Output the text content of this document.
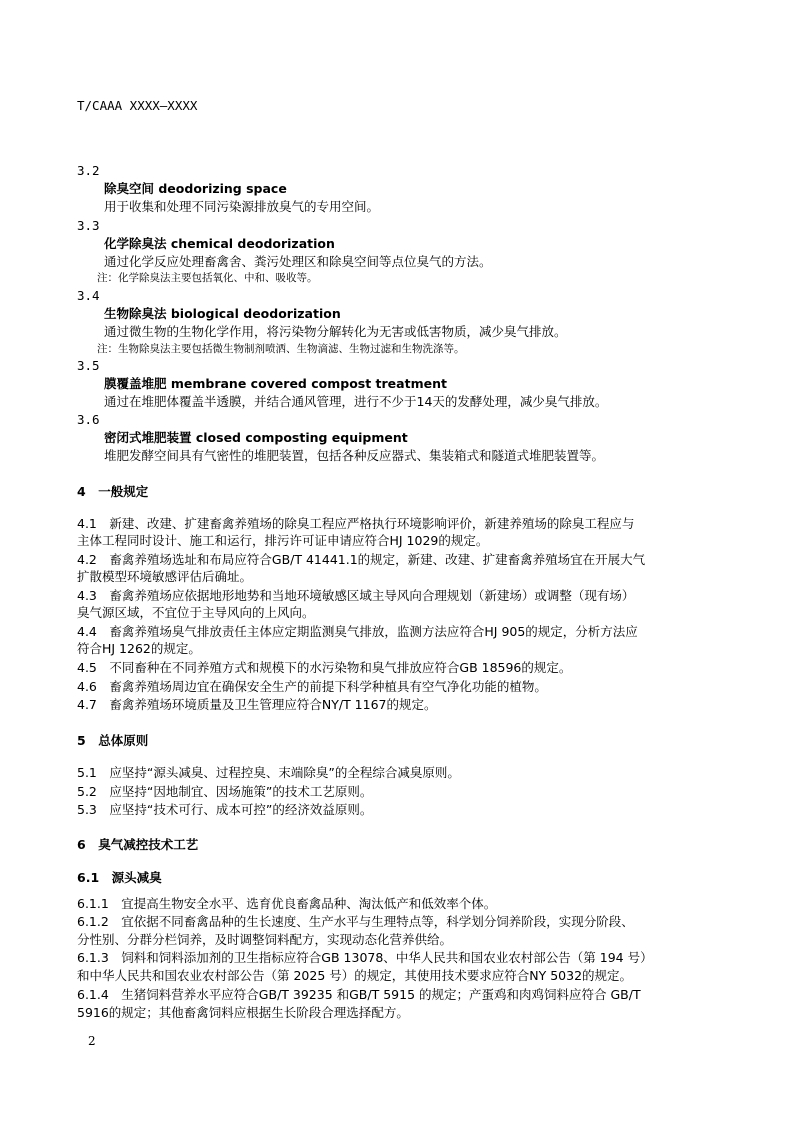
T/CAAA XXXX—XXXX
3.2
除臭空间 deodorizing space
用于收集和处理不同污染源排放臭气的专用空间。
3.3
化学除臭法 chemical deodorization
通过化学反应处理畜禽舍、粪污处理区和除臭空间等点位臭气的方法。
注：化学除臭法主要包括氧化、中和、吸收等。
3.4
生物除臭法 biological deodorization
通过微生物的生物化学作用，将污染物分解转化为无害或低害物质，减少臭气排放。
注：生物除臭法主要包括微生物制剂喷洒、生物滴滤、生物过滤和生物洗涤等。
3.5
膜覆盖堆肥 membrane covered compost treatment
通过在堆肥体覆盖半透膜，并结合通风管理，进行不少于14天的发酵处理，减少臭气排放。
3.6
密闭式堆肥装置 closed composting equipment
堆肥发酵空间具有气密性的堆肥装置，包括各种反应器式、集装箱式和隧道式堆肥装置等。
4　一般规定
4.1　新建、改建、扩建畜禽养殖场的除臭工程应严格执行环境影响评价，新建养殖场的除臭工程应与
主体工程同时设计、施工和运行，排污许可证申请应符合HJ 1029的规定。
4.2　畜禽养殖场选址和布局应符合GB/T 41441.1的规定，新建、改建、扩建畜禽养殖场宜在开展大气
扩散模型环境敏感评估后确址。
4.3　畜禽养殖场应依据地形地势和当地环境敏感区域主导风向合理规划（新建场）或调整（现有场）
臭气源区域，不宜位于主导风向的上风向。
4.4　畜禽养殖场臭气排放责任主体应定期监测臭气排放，监测方法应符合HJ 905的规定，分析方法应
符合HJ 1262的规定。
4.5　不同畜种在不同养殖方式和规模下的水污染物和臭气排放应符合GB 18596的规定。
4.6　畜禽养殖场周边宜在确保安全生产的前提下科学种植具有空气净化功能的植物。
4.7　畜禽养殖场环境质量及卫生管理应符合NY/T 1167的规定。
5　总体原则
5.1　应坚持“源头减臭、过程控臭、末端除臭”的全程综合减臭原则。
5.2　应坚持“因地制宜、因场施策”的技术工艺原则。
5.3　应坚持“技术可行、成本可控”的经济效益原则。
6　臭气减控技术工艺
6.1　源头减臭
6.1.1　宜提高生物安全水平、选育优良畜禽品种、淘汰低产和低效率个体。
6.1.2　宜依据不同畜禽品种的生长速度、生产水平与生理特点等，科学划分饲养阶段，实现分阶段、
分性别、分群分栏饲养，及时调整饲料配方，实现动态化营养供给。
6.1.3　饲料和饲料添加剂的卫生指标应符合GB 13078、中华人民共和国农业农村部公告（第 194 号）
和中华人民共和国农业农村部公告（第 2025 号）的规定，其使用技术要求应符合NY 5032的规定。
6.1.4　生猪饲料营养水平应符合GB/T 39235 和GB/T 5915 的规定；产蛋鸡和肉鸡饲料应符合 GB/T
5916的规定；其他畜禽饲料应根据生长阶段合理选择配方。
2
